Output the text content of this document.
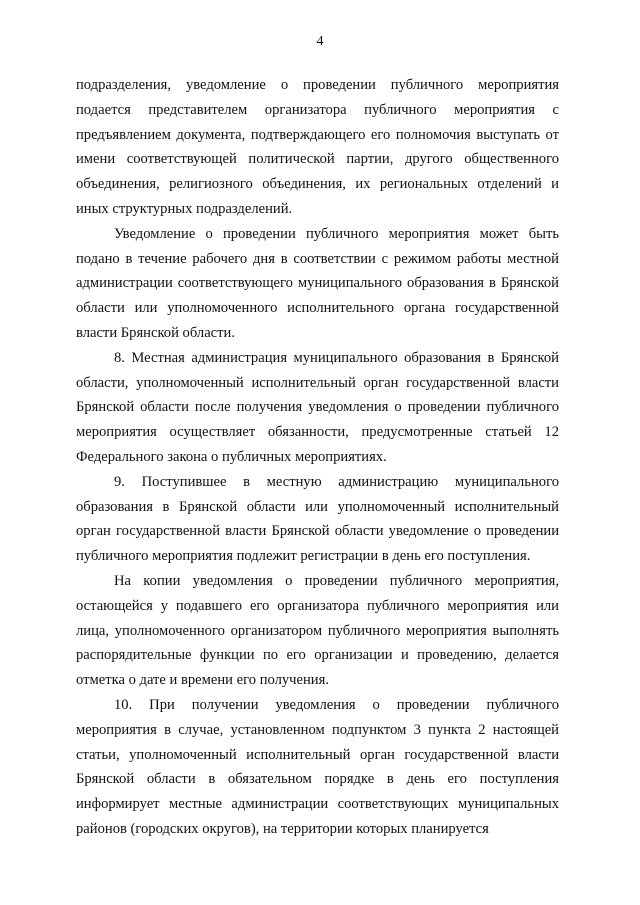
4

подразделения, уведомление о проведении публичного мероприятия подается представителем организатора публичного мероприятия с предъявлением документа, подтверждающего его полномочия выступать от имени соответствующей политической партии, другого общественного объединения, религиозного объединения, их региональных отделений и иных структурных подразделений.

Уведомление о проведении публичного мероприятия может быть подано в течение рабочего дня в соответствии с режимом работы местной администрации соответствующего муниципального образования в Брянской области или уполномоченного исполнительного органа государственной власти Брянской области.

8. Местная администрация муниципального образования в Брянской области, уполномоченный исполнительный орган государственной власти Брянской области после получения уведомления о проведении публичного мероприятия осуществляет обязанности, предусмотренные статьей 12 Федерального закона о публичных мероприятиях.

9. Поступившее в местную администрацию муниципального образования в Брянской области или уполномоченный исполнительный орган государственной власти Брянской области уведомление о проведении публичного мероприятия подлежит регистрации в день его поступления.

На копии уведомления о проведении публичного мероприятия, остающейся у подавшего его организатора публичного мероприятия или лица, уполномоченного организатором публичного мероприятия выполнять распорядительные функции по его организации и проведению, делается отметка о дате и времени его получения.

10. При получении уведомления о проведении публичного мероприятия в случае, установленном подпунктом 3 пункта 2 настоящей статьи, уполномоченный исполнительный орган государственной власти Брянской области в обязательном порядке в день его поступления информирует местные администрации соответствующих муниципальных районов (городских округов), на территории которых планируется
